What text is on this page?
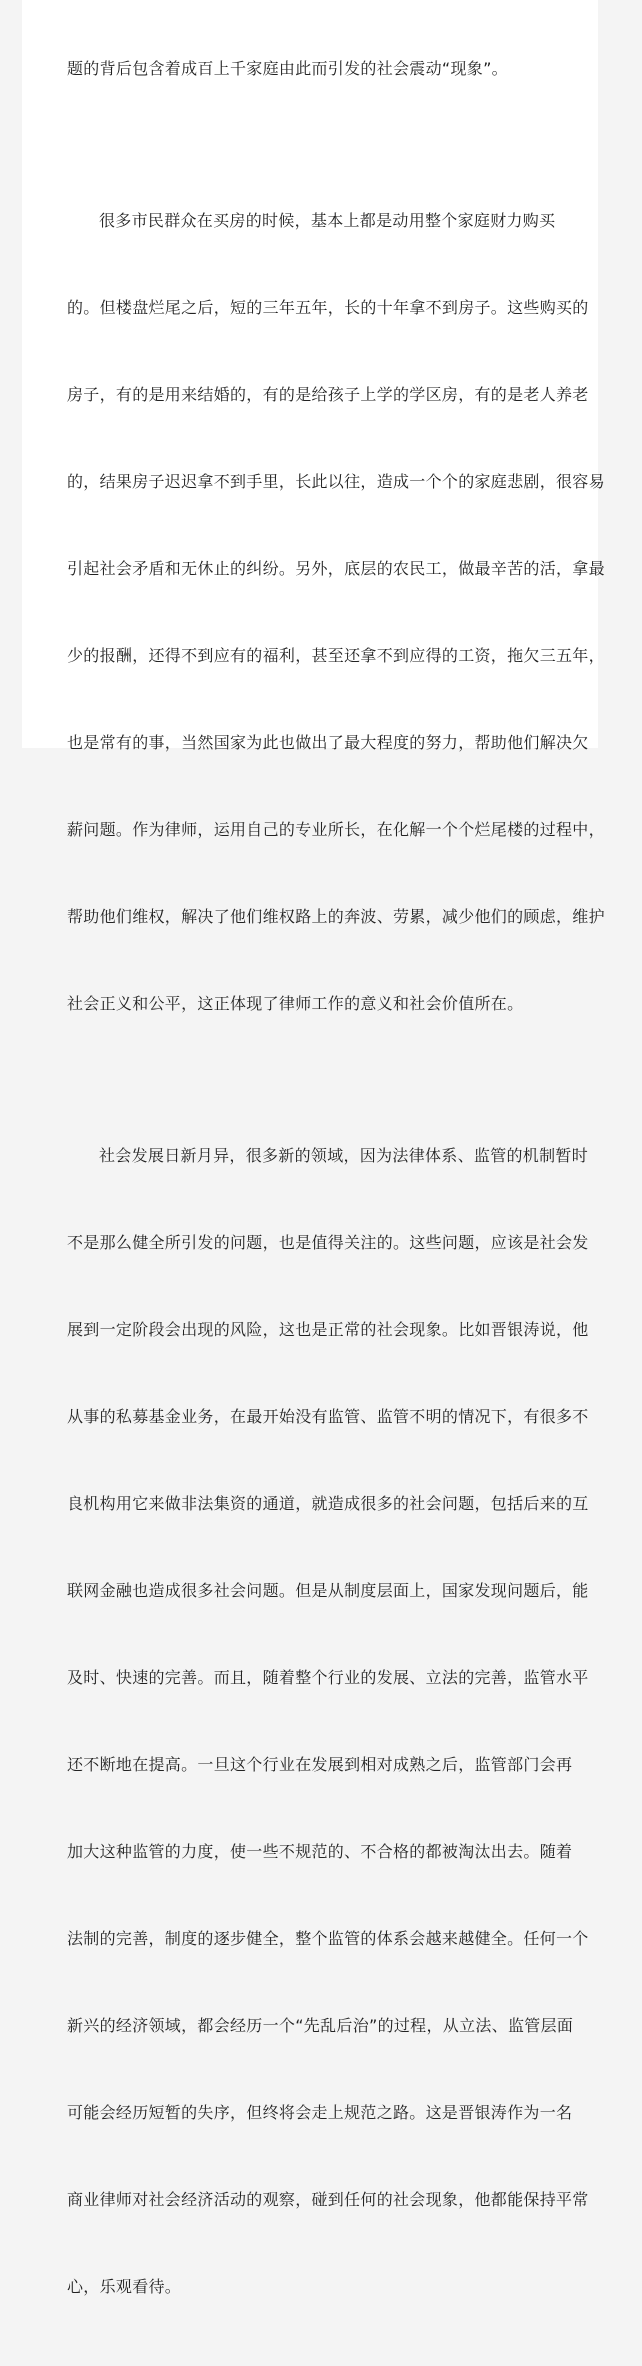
题的背后包含着成百上千家庭由此而引发的社会震动“现象”。

很多市民群众在买房的时候，基本上都是动用整个家庭财力购买

的。但楼盘烂尾之后，短的三年五年，长的十年拿不到房子。这些购买的

房子，有的是用来结婚的，有的是给孩子上学的学区房，有的是老人养老

的，结果房子迟迟拿不到手里，长此以往，造成一个个的家庭悲剧，很容易

引起社会矛盾和无休止的纠纷。另外，底层的农民工，做最辛苦的活，拿最

少的报酬，还得不到应有的福利，甚至还拿不到应得的工资，拖欠三五年，

也是常有的事，当然国家为此也做出了最大程度的努力，帮助他们解决欠

薪问题。作为律师，运用自己的专业所长，在化解一个个烂尾楼的过程中，

帮助他们维权，解决了他们维权路上的奔波、劳累，减少他们的顾虑，维护

社会正义和公平，这正体现了律师工作的意义和社会价值所在。

社会发展日新月异，很多新的领域，因为法律体系、监管的机制暂时

不是那么健全所引发的问题，也是值得关注的。这些问题，应该是社会发

展到一定阶段会出现的风险，这也是正常的社会现象。比如晋银涛说，他

从事的私募基金业务，在最开始没有监管、监管不明的情况下，有很多不

良机构用它来做非法集资的通道，就造成很多的社会问题，包括后来的互

联网金融也造成很多社会问题。但是从制度层面上，国家发现问题后，能

及时、快速的完善。而且，随着整个行业的发展、立法的完善，监管水平

还不断地在提高。一旦这个行业在发展到相对成熟之后，监管部门会再

加大这种监管的力度，使一些不规范的、不合格的都被淘汰出去。随着

法制的完善，制度的逐步健全，整个监管的体系会越来越健全。任何一个

新兴的经济领域，都会经历一个“先乱后治”的过程，从立法、监管层面

可能会经历短暂的失序，但终将会走上规范之路。这是晋银涛作为一名

商业律师对社会经济活动的观察，碰到任何的社会现象，他都能保持平常

心，乐观看待。
